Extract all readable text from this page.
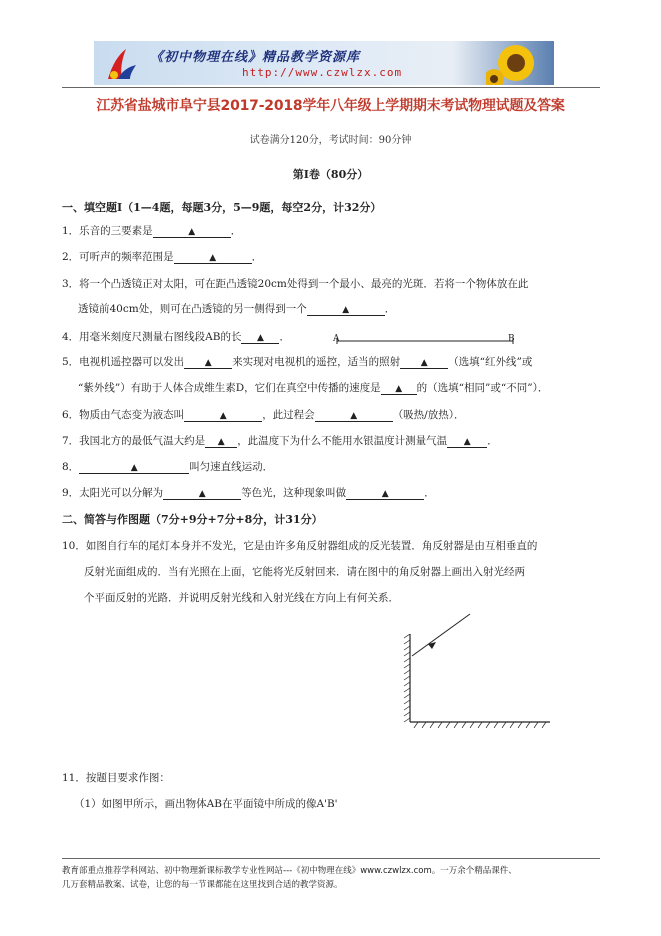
《初中物理在线》精品教学资源库
http://www.czwlzx.com
江苏省盐城市阜宁县2017-2018学年八年级上学期期末考试物理试题及答案
试卷满分120分，考试时间：90分钟
第Ⅰ卷（80分）
一、填空题Ⅰ（1—4题，每题3分，5—9题，每空2分，计32分）
1．乐音的三要素是	▲	．
2．可听声的频率范围是	▲	．
3．将一个凸透镜正对太阳，可在距凸透镜20cm处得到一个最小、最亮的光斑．若将一个物体放在此
透镜前40cm处，则可在凸透镜的另一侧得到一个	▲	．
4．用毫米刻度尺测量右图线段AB的长 ▲ ．	A	B
5．电视机遥控器可以发出 ▲ 来实现对电视机的遥控，适当的照射 ▲ （选填“红外线”或
“紫外线”）有助于人体合成维生素D，它们在真空中传播的速度是 ▲ 的（选填“相同”或“不同”）．
6．物质由气态变为液态叫	▲	，此过程会	▲	（吸热/放热）．
7．我国北方的最低气温大约是 ▲ ，此温度下为什么不能用水银温度计测量气温 ▲ ．
8．	▲	叫匀速直线运动．
9．太阳光可以分解为	▲	等色光，这种现象叫做	▲	．
二、简答与作图题（7分+9分+7分+8分，计31分）
10．如图自行车的尾灯本身并不发光，它是由许多角反射器组成的反光装置．角反射器是由互相垂直的
反射光面组成的．当有光照在上面，它能将光反射回来．请在图中的角反射器上画出入射光经两
个平面反射的光路．并说明反射光线和入射光线在方向上有何关系．
11．按题目要求作图：
（1）如图甲所示，画出物体AB在平面镜中所成的像A'B'
教育部重点推荐学科网站、初中物理新课标教学专业性网站---《初中物理在线》www.czwlzx.com。一万余个精品课件、
几万套精品教案、试卷，让您的每一节课都能在这里找到合适的教学资源。
